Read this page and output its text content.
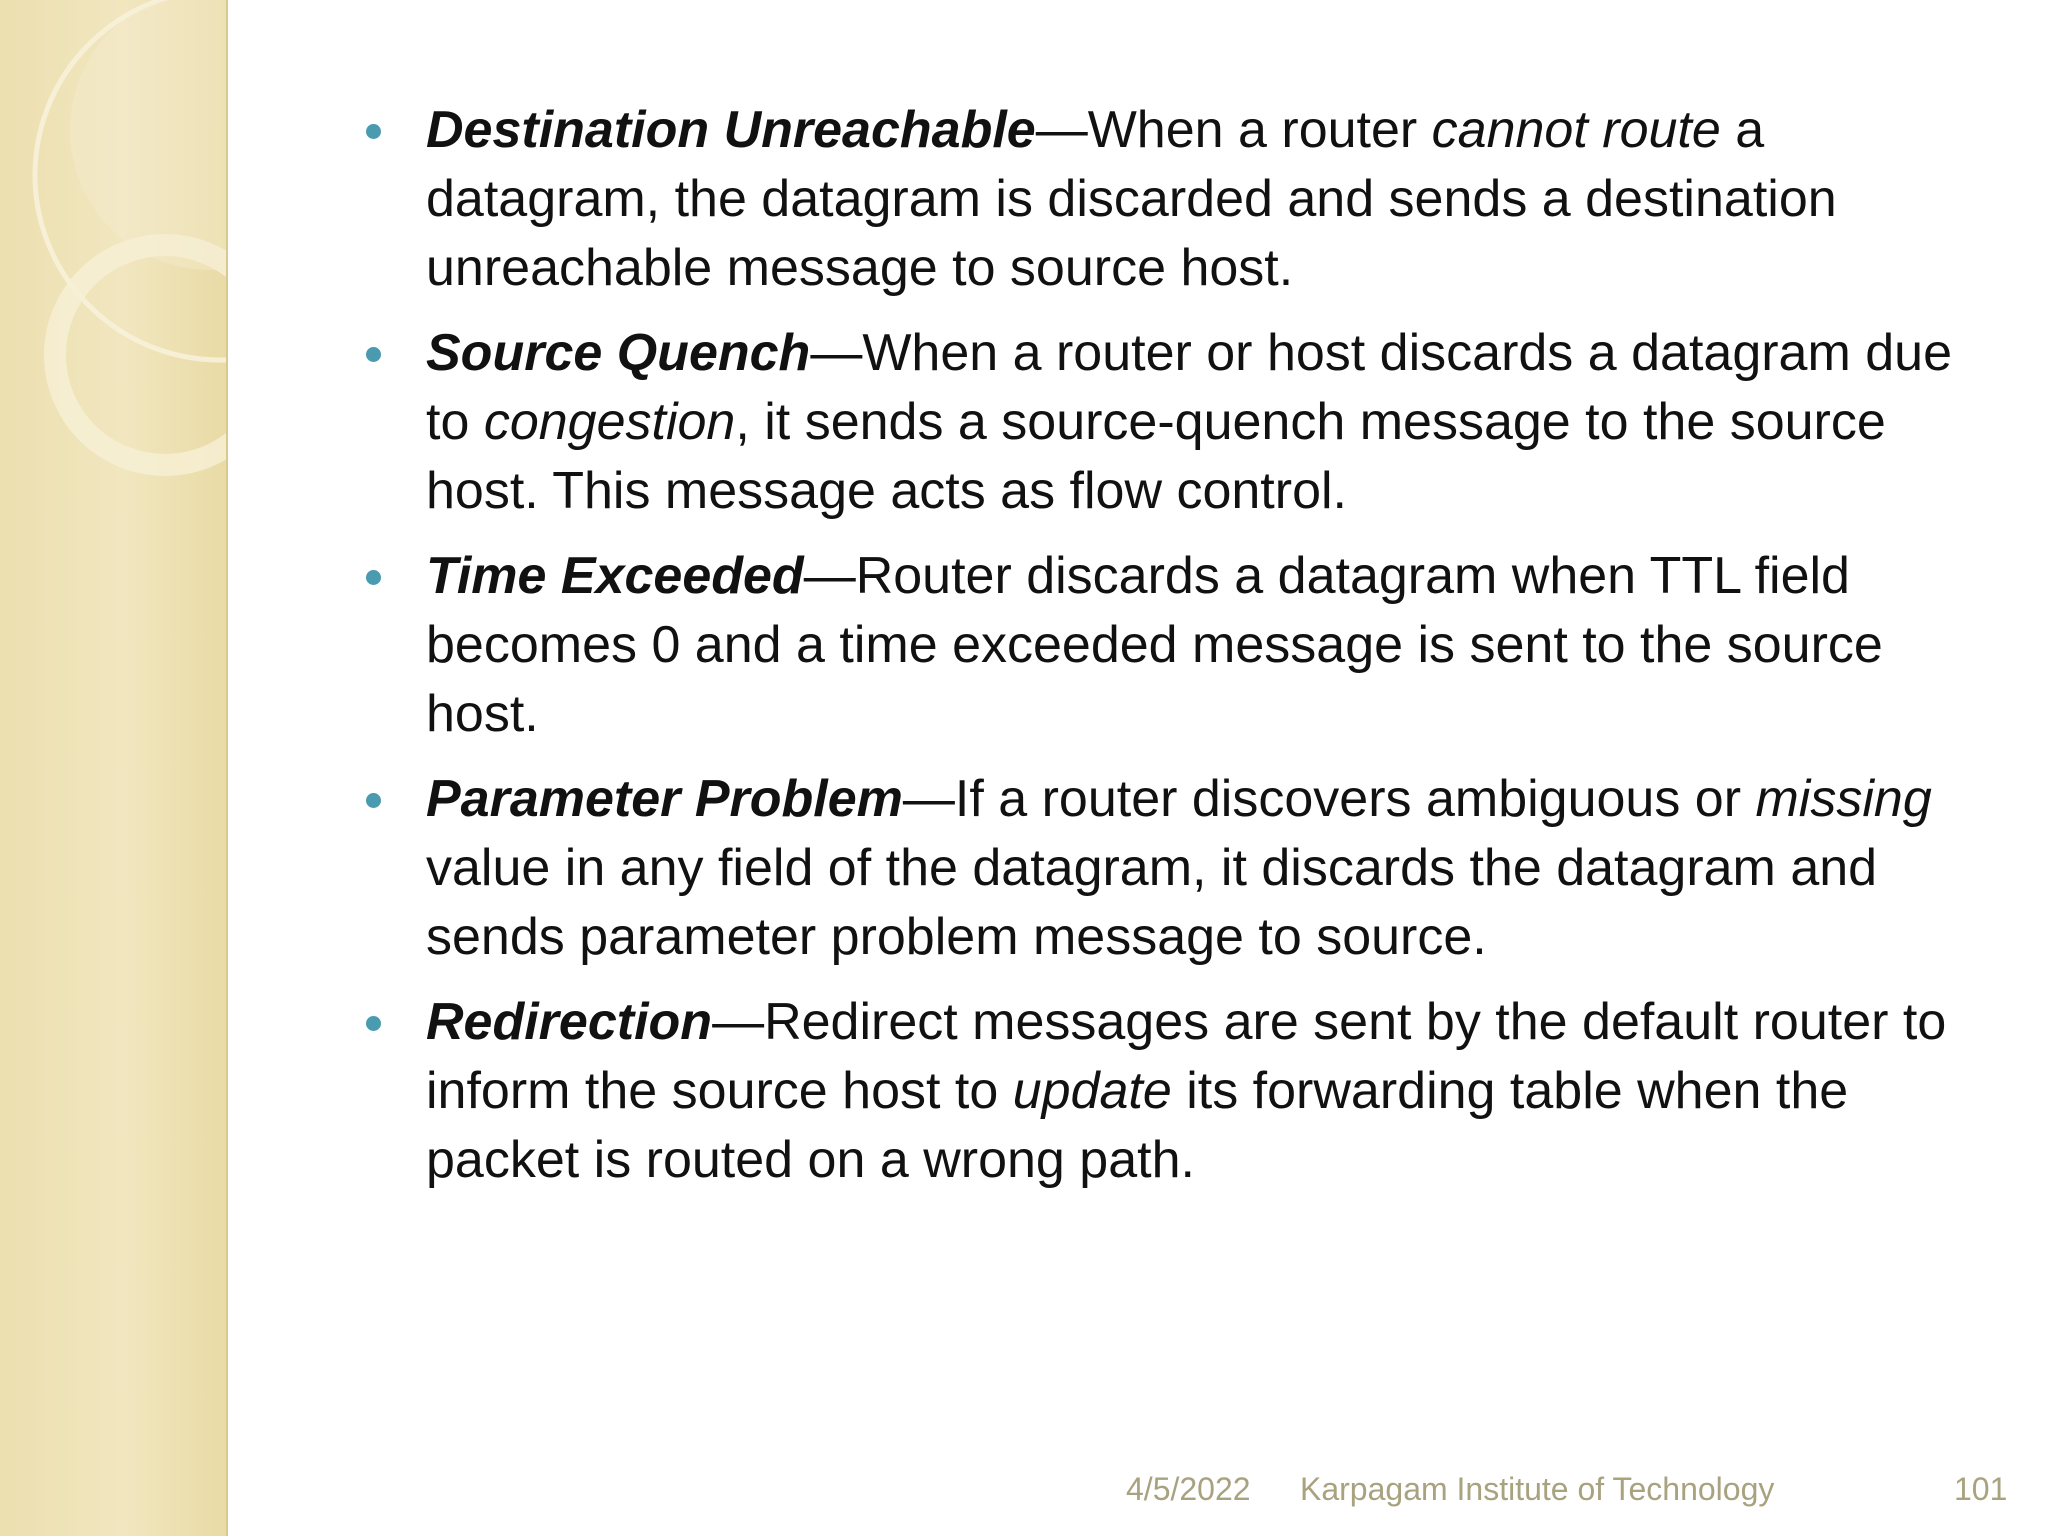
Destination Unreachable—When a router cannot route a datagram, the datagram is discarded and sends a destination unreachable message to source host.
Source Quench—When a router or host discards a datagram due to congestion, it sends a source-quench message to the source host. This message acts as flow control.
Time Exceeded—Router discards a datagram when TTL field becomes 0 and a time exceeded message is sent to the source host.
Parameter Problem—If a router discovers ambiguous or missing value in any field of the datagram, it discards the datagram and sends parameter problem message to source.
Redirection—Redirect messages are sent by the default router to inform the source host to update its forwarding table when the packet is routed on a wrong path.
4/5/2022 Karpagam Institute of Technology	101
